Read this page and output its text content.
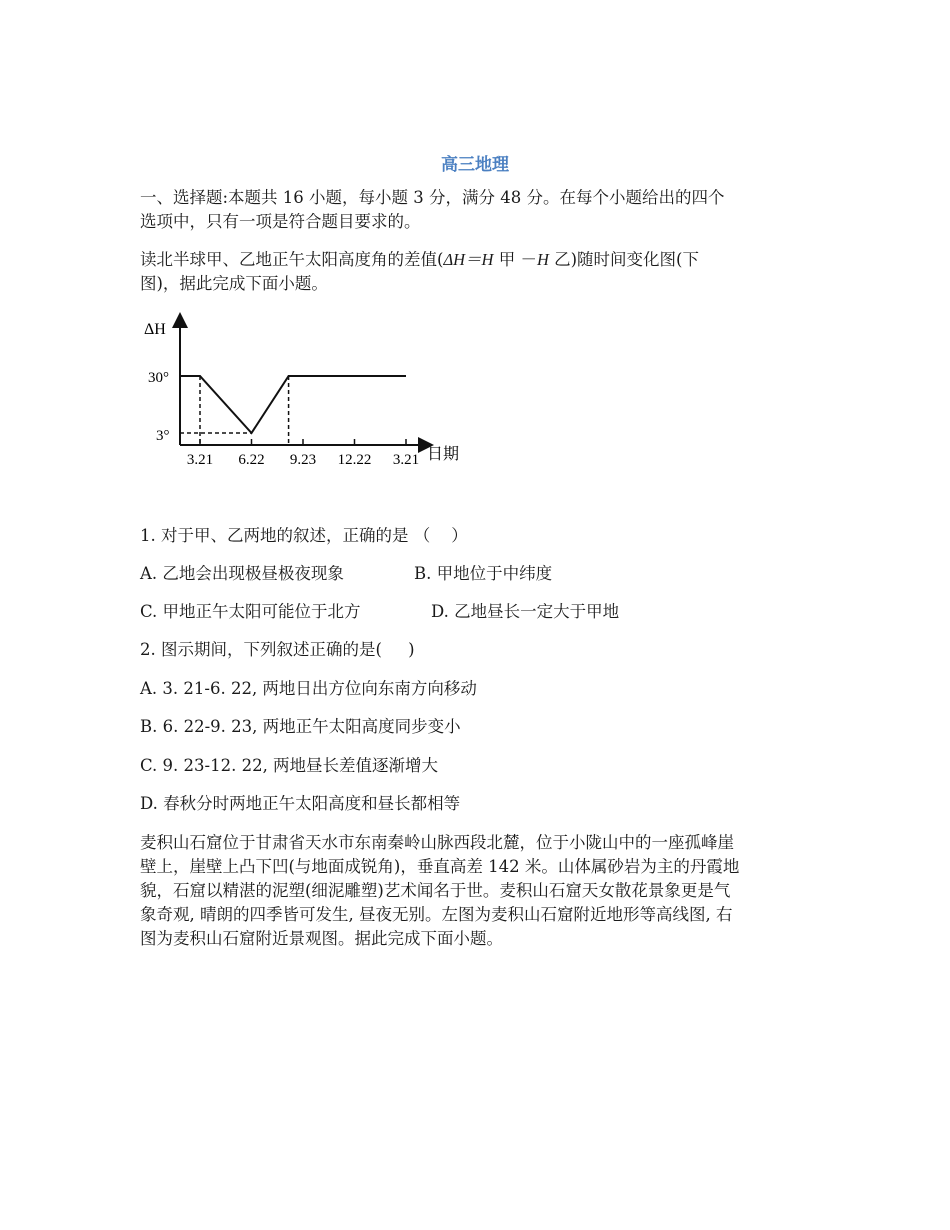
高三地理
一、选择题:本题共 16 小题，每小题 3 分，满分 48 分。在每个小题给出的四个
选项中，只有一项是符合题目要求的。
读北半球甲、乙地正午太阳高度角的差值(ΔH＝H 甲 －H 乙)随时间变化图(下
图)，据此完成下面小题。
ΔH
30°
3°
日期
3.21 6.22 9.23 12.22 3.21
1. 对于甲、乙两地的叙述，正确的是 （    ）
A. 乙地会出现极昼极夜现象	B. 甲地位于中纬度
C. 甲地正午太阳可能位于北方	D. 乙地昼长一定大于甲地
2. 图示期间，下列叙述正确的是(     )
A. 3. 21-6. 22, 两地日出方位向东南方向移动
B. 6. 22-9. 23, 两地正午太阳高度同步变小
C. 9. 23-12. 22, 两地昼长差值逐渐增大
D. 春秋分时两地正午太阳高度和昼长都相等
麦积山石窟位于甘肃省天水市东南秦岭山脉西段北麓，位于小陇山中的一座孤峰崖
壁上，崖壁上凸下凹(与地面成锐角)，垂直高差 142 米。山体属砂岩为主的丹霞地
貌，石窟以精湛的泥塑(细泥雕塑)艺术闻名于世。麦积山石窟天女散花景象更是气
象奇观, 晴朗的四季皆可发生, 昼夜无别。左图为麦积山石窟附近地形等高线图, 右
图为麦积山石窟附近景观图。据此完成下面小题。
